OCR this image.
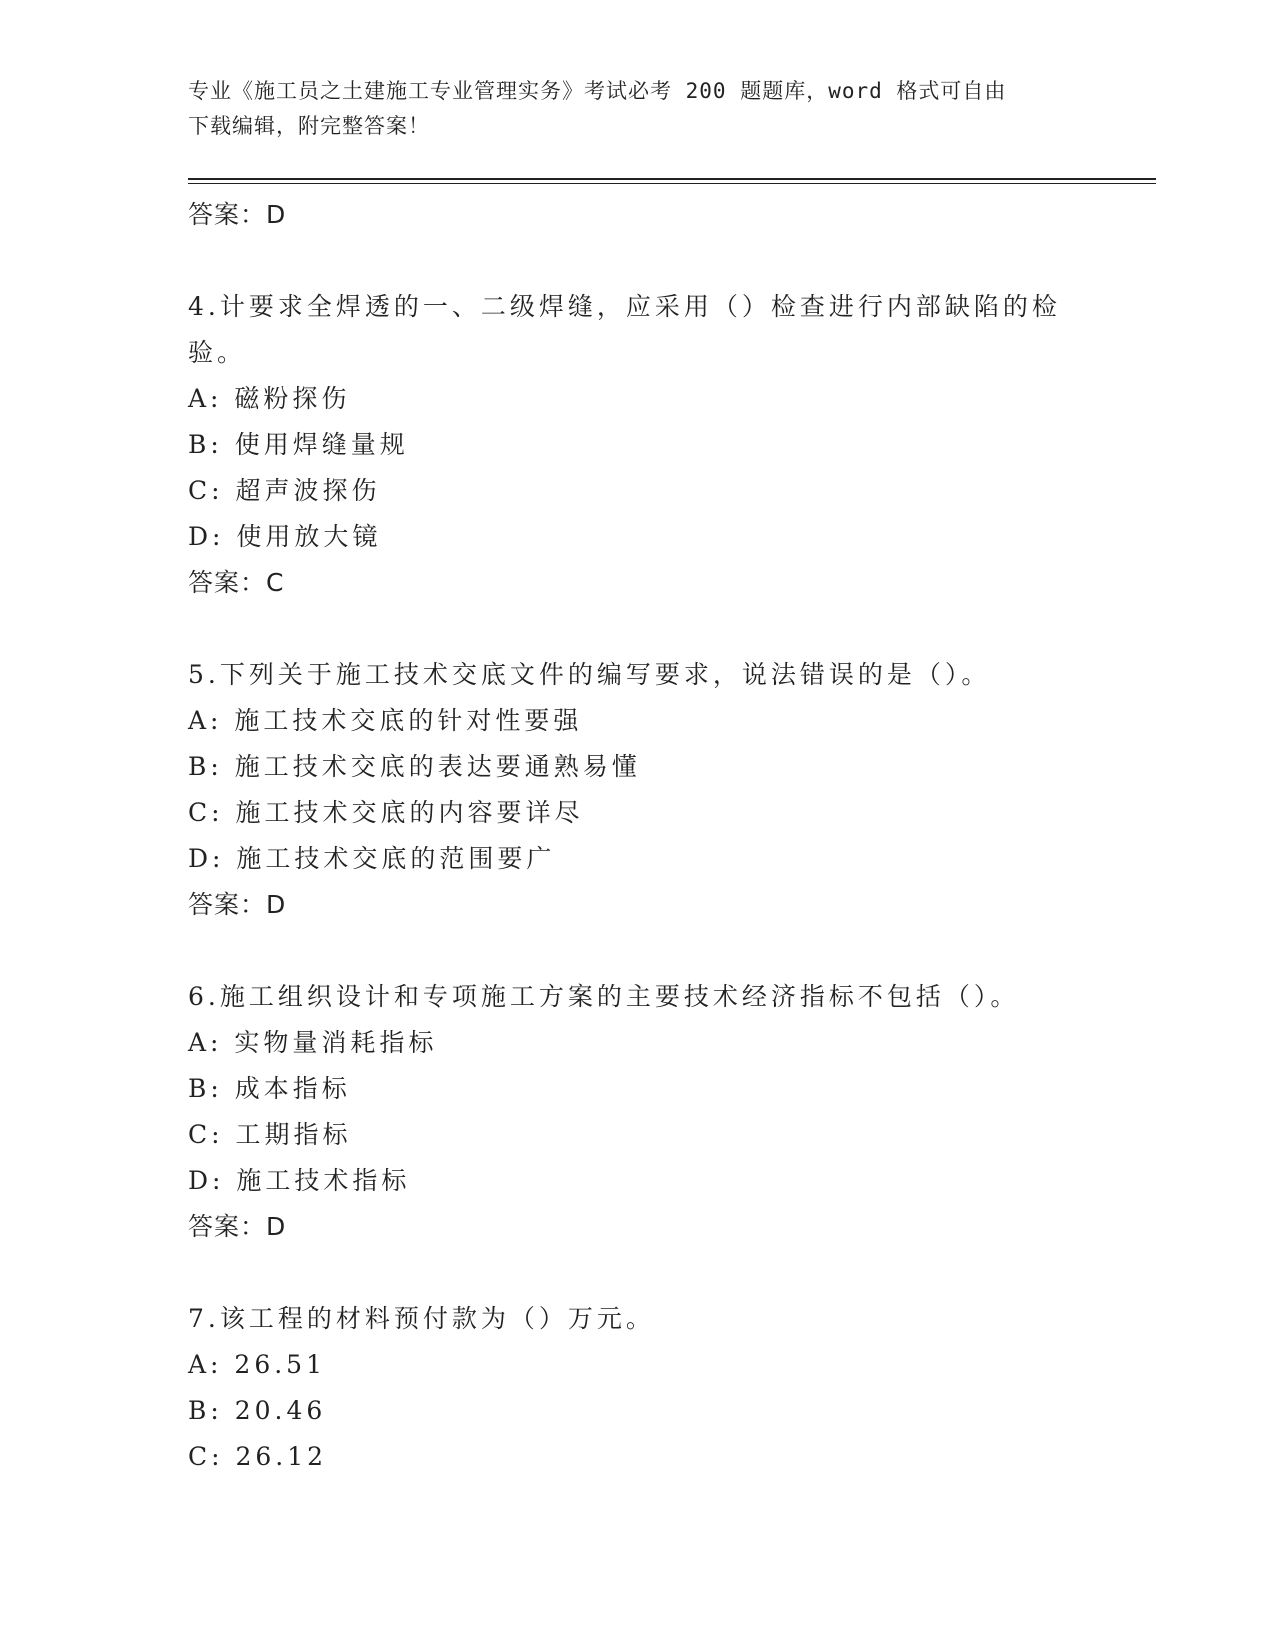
专业《施工员之土建施工专业管理实务》考试必考 200 题题库，word 格式可自由
下载编辑，附完整答案！
答案：D
4.计要求全焊透的一、二级焊缝，应采用（）检查进行内部缺陷的检
验。
A: 磁粉探伤
B: 使用焊缝量规
C: 超声波探伤
D: 使用放大镜
答案：C
5.下列关于施工技术交底文件的编写要求，说法错误的是（）。
A: 施工技术交底的针对性要强
B: 施工技术交底的表达要通熟易懂
C: 施工技术交底的内容要详尽
D: 施工技术交底的范围要广
答案：D
6.施工组织设计和专项施工方案的主要技术经济指标不包括（）。
A: 实物量消耗指标
B: 成本指标
C: 工期指标
D: 施工技术指标
答案：D
7.该工程的材料预付款为（）万元。
A: 26.51
B: 20.46
C: 26.12
